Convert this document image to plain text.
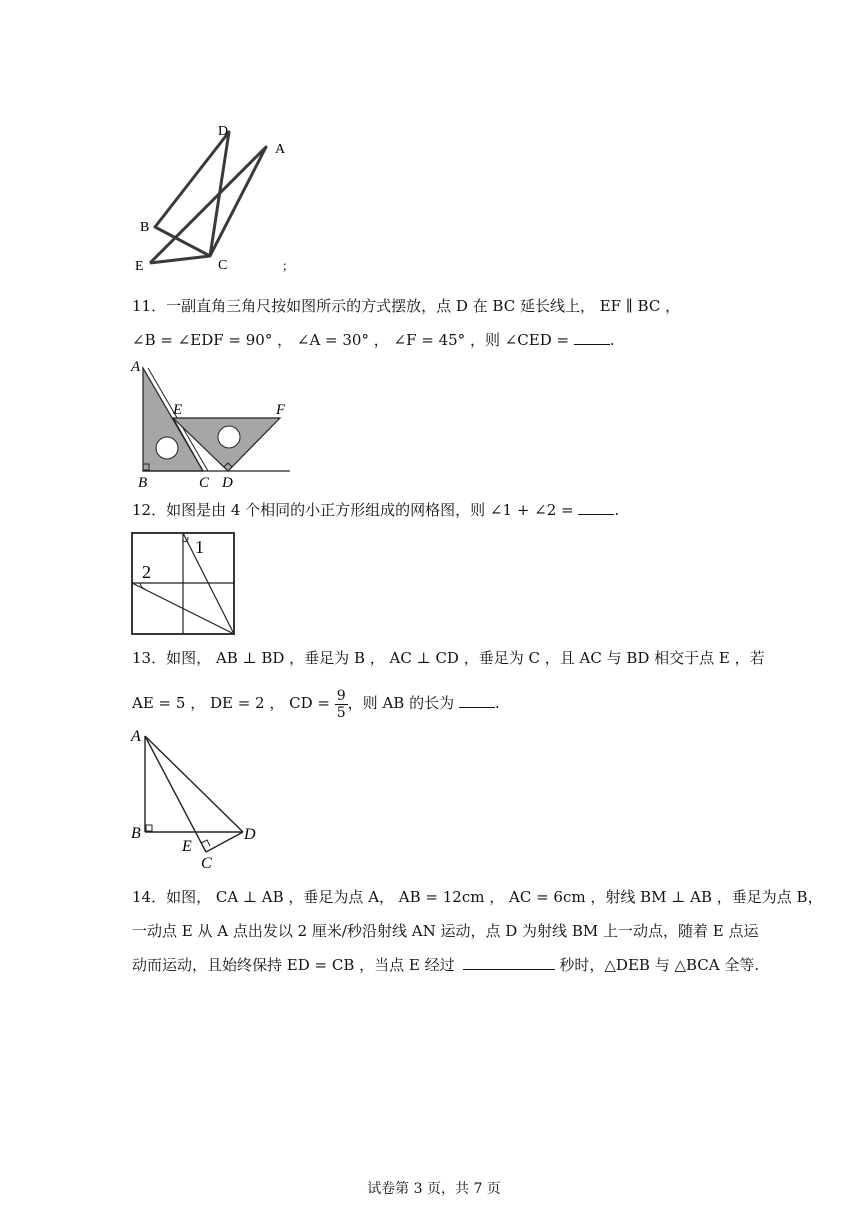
D
A
B
E	C	；
11．一副直角三角尺按如图所示的方式摆放，点 D 在 BC 延长线上， EF ∥ BC ，
∠B = ∠EDF = 90° ， ∠A = 30° ， ∠F = 45° ，则 ∠CED =	.
A
E	F
B	C D
12．如图是由 4 个相同的小正方形组成的网格图，则 ∠1 + ∠2 =	.
1
2
13．如图， AB ⊥ BD ，垂足为 B ， AC ⊥ CD ，垂足为 C ，且 AC 与 BD 相交于点 E ，若
AE = 5 ， DE = 2 ， CD = $\frac{9}{5}$ ，则 AB 的长为	.
A
B
E
C
D
14．如图， CA ⊥ AB ，垂足为点 A， AB = 12cm ， AC = 6cm ，射线 BM ⊥ AB ，垂足为点 B，
一动点 E 从 A 点出发以 2 厘米/秒沿射线 AN 运动，点 D 为射线 BM 上一动点，随着 E 点运
动而运动，且始终保持 ED = CB ，当点 E 经过	秒时，△DEB 与 △BCA 全等.
试卷第 3 页，共 7 页
